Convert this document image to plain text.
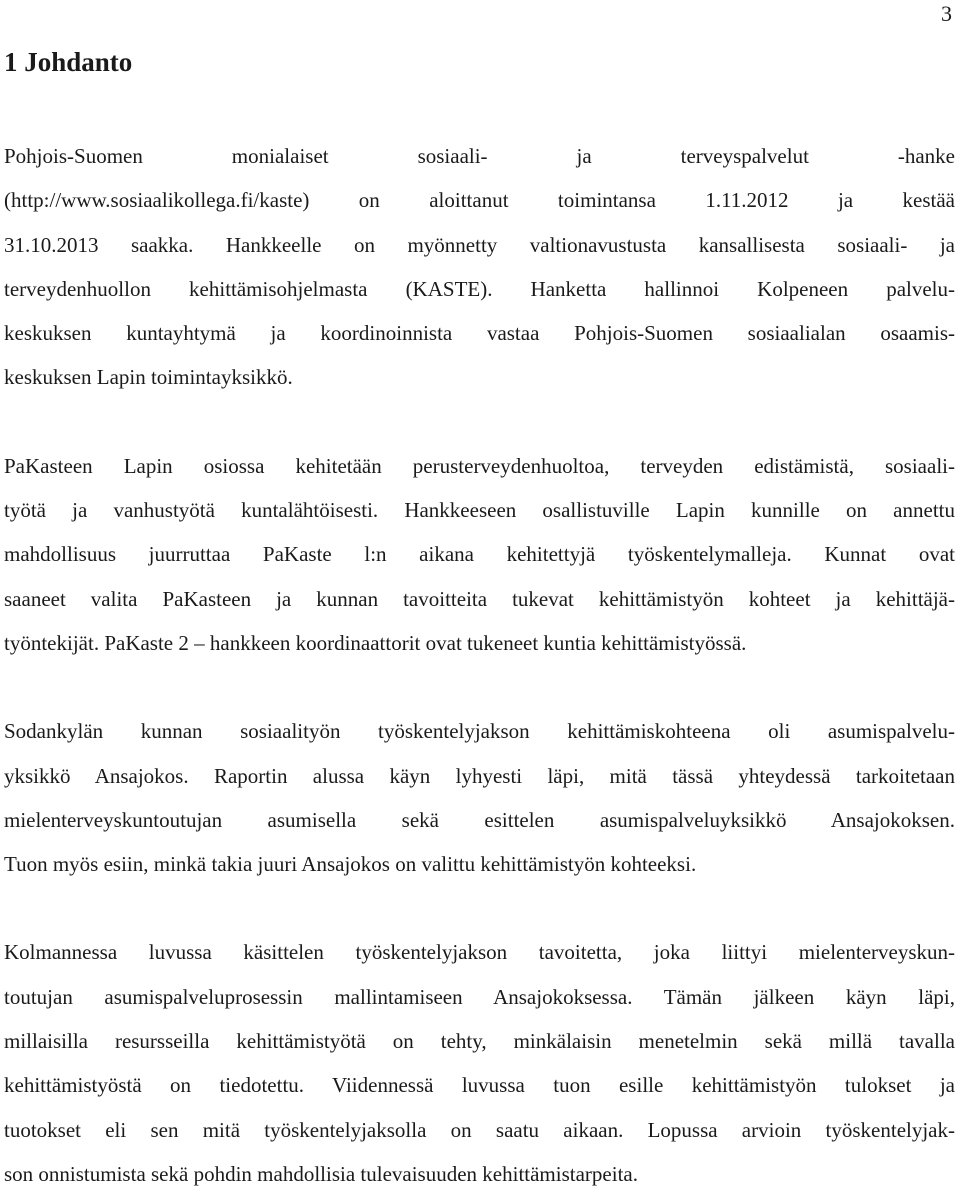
3
1 Johdanto

Pohjois-Suomen monialaiset sosiaali- ja terveyspalvelut -hanke
(http://www.sosiaalikollega.fi/kaste) on aloittanut toimintansa 1.11.2012 ja kestää
31.10.2013 saakka. Hankkeelle on myönnetty valtionavustusta kansallisesta sosiaali- ja
terveydenhuollon kehittämisohjelmasta (KASTE). Hanketta hallinnoi Kolpeneen palvelu-
keskuksen kuntayhtymä ja koordinoinnista vastaa Pohjois-Suomen sosiaalialan osaamis-
keskuksen Lapin toimintayksikkö.

PaKasteen Lapin osiossa kehitetään perusterveydenhuoltoa, terveyden edistämistä, sosiaali-
työtä ja vanhustyötä kuntalähtöisesti. Hankkeeseen osallistuville Lapin kunnille on annettu
mahdollisuus juurruttaa PaKaste l:n aikana kehitettyjä työskentelymalleja. Kunnat ovat
saaneet valita PaKasteen ja kunnan tavoitteita tukevat kehittämistyön kohteet ja kehittäjä-
työntekijät. PaKaste 2 – hankkeen koordinaattorit ovat tukeneet kuntia kehittämistyössä.

Sodankylän kunnan sosiaalityön työskentelyjakson kehittämiskohteena oli asumispalvelu-
yksikkö Ansajokos. Raportin alussa käyn lyhyesti läpi, mitä tässä yhteydessä tarkoitetaan
mielenterveyskuntoutujan asumisella sekä esittelen asumispalveluyksikkö Ansajokoksen.
Tuon myös esiin, minkä takia juuri Ansajokos on valittu kehittämistyön kohteeksi.

Kolmannessa luvussa käsittelen työskentelyjakson tavoitetta, joka liittyi mielenterveyskun-
toutujan asumispalveluprosessin mallintamiseen Ansajokoksessa. Tämän jälkeen käyn läpi,
millaisilla resursseilla kehittämistyötä on tehty, minkälaisin menetelmin sekä millä tavalla
kehittämistyöstä on tiedotettu. Viidennessä luvussa tuon esille kehittämistyön tulokset ja
tuotokset eli sen mitä työskentelyjaksolla on saatu aikaan. Lopussa arvioin työskentelyjak-
son onnistumista sekä pohdin mahdollisia tulevaisuuden kehittämistarpeita.
